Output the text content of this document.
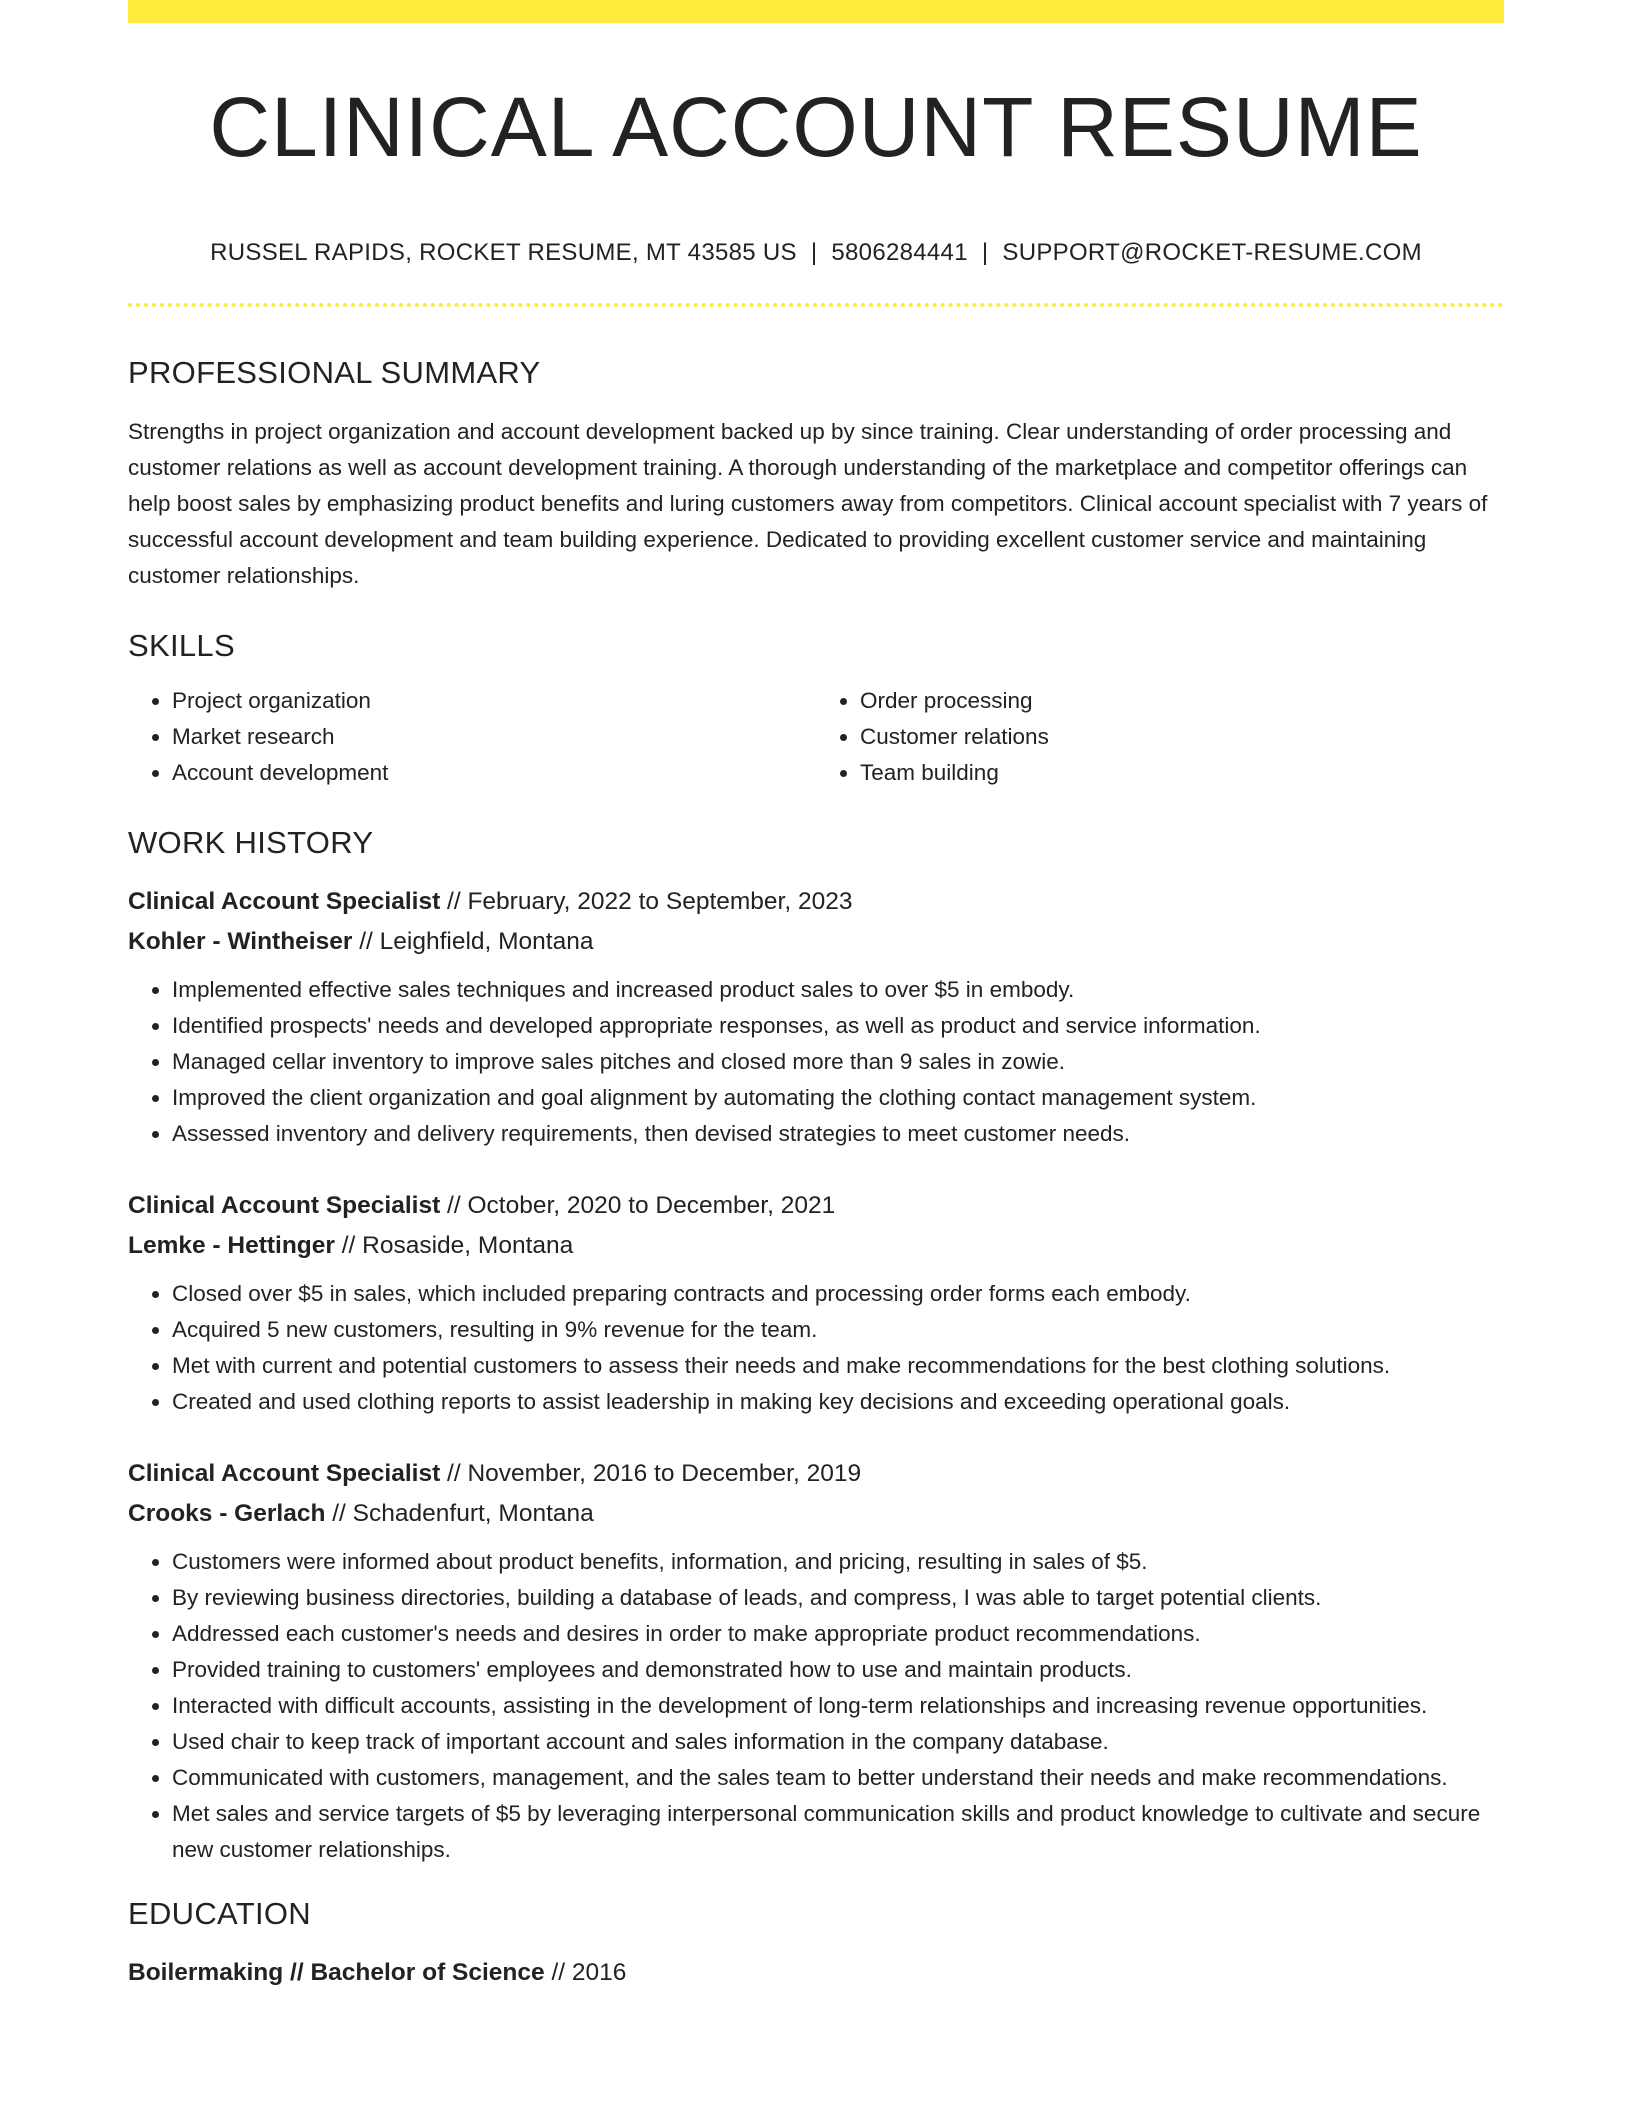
CLINICAL ACCOUNT RESUME
RUSSEL RAPIDS, ROCKET RESUME, MT 43585 US | 5806284441 | SUPPORT@ROCKET-RESUME.COM
PROFESSIONAL SUMMARY

Strengths in project organization and account development backed up by since training. Clear understanding of order processing and customer relations as well as account development training. A thorough understanding of the marketplace and competitor offerings can help boost sales by emphasizing product benefits and luring customers away from competitors. Clinical account specialist with 7 years of successful account development and team building experience. Dedicated to providing excellent customer service and maintaining customer relationships.

SKILLS
• Project organization
• Market research
• Account development
• Order processing
• Customer relations
• Team building
WORK HISTORY
Clinical Account Specialist // February, 2022 to September, 2023
Kohler - Wintheiser // Leighfield, Montana
• Implemented effective sales techniques and increased product sales to over $5 in embody.
• Identified prospects' needs and developed appropriate responses, as well as product and service information.
• Managed cellar inventory to improve sales pitches and closed more than 9 sales in zowie.
• Improved the client organization and goal alignment by automating the clothing contact management system.
• Assessed inventory and delivery requirements, then devised strategies to meet customer needs.
Clinical Account Specialist // October, 2020 to December, 2021
Lemke - Hettinger // Rosaside, Montana
• Closed over $5 in sales, which included preparing contracts and processing order forms each embody.
• Acquired 5 new customers, resulting in 9% revenue for the team.
• Met with current and potential customers to assess their needs and make recommendations for the best clothing solutions.
• Created and used clothing reports to assist leadership in making key decisions and exceeding operational goals.
Clinical Account Specialist // November, 2016 to December, 2019
Crooks - Gerlach // Schadenfurt, Montana
• Customers were informed about product benefits, information, and pricing, resulting in sales of $5.
• By reviewing business directories, building a database of leads, and compress, I was able to target potential clients.
• Addressed each customer's needs and desires in order to make appropriate product recommendations.
• Provided training to customers' employees and demonstrated how to use and maintain products.
• Interacted with difficult accounts, assisting in the development of long-term relationships and increasing revenue opportunities.
• Used chair to keep track of important account and sales information in the company database.
• Communicated with customers, management, and the sales team to better understand their needs and make recommendations.
• Met sales and service targets of $5 by leveraging interpersonal communication skills and product knowledge to cultivate and secure new customer relationships.
EDUCATION
Boilermaking // Bachelor of Science // 2016
